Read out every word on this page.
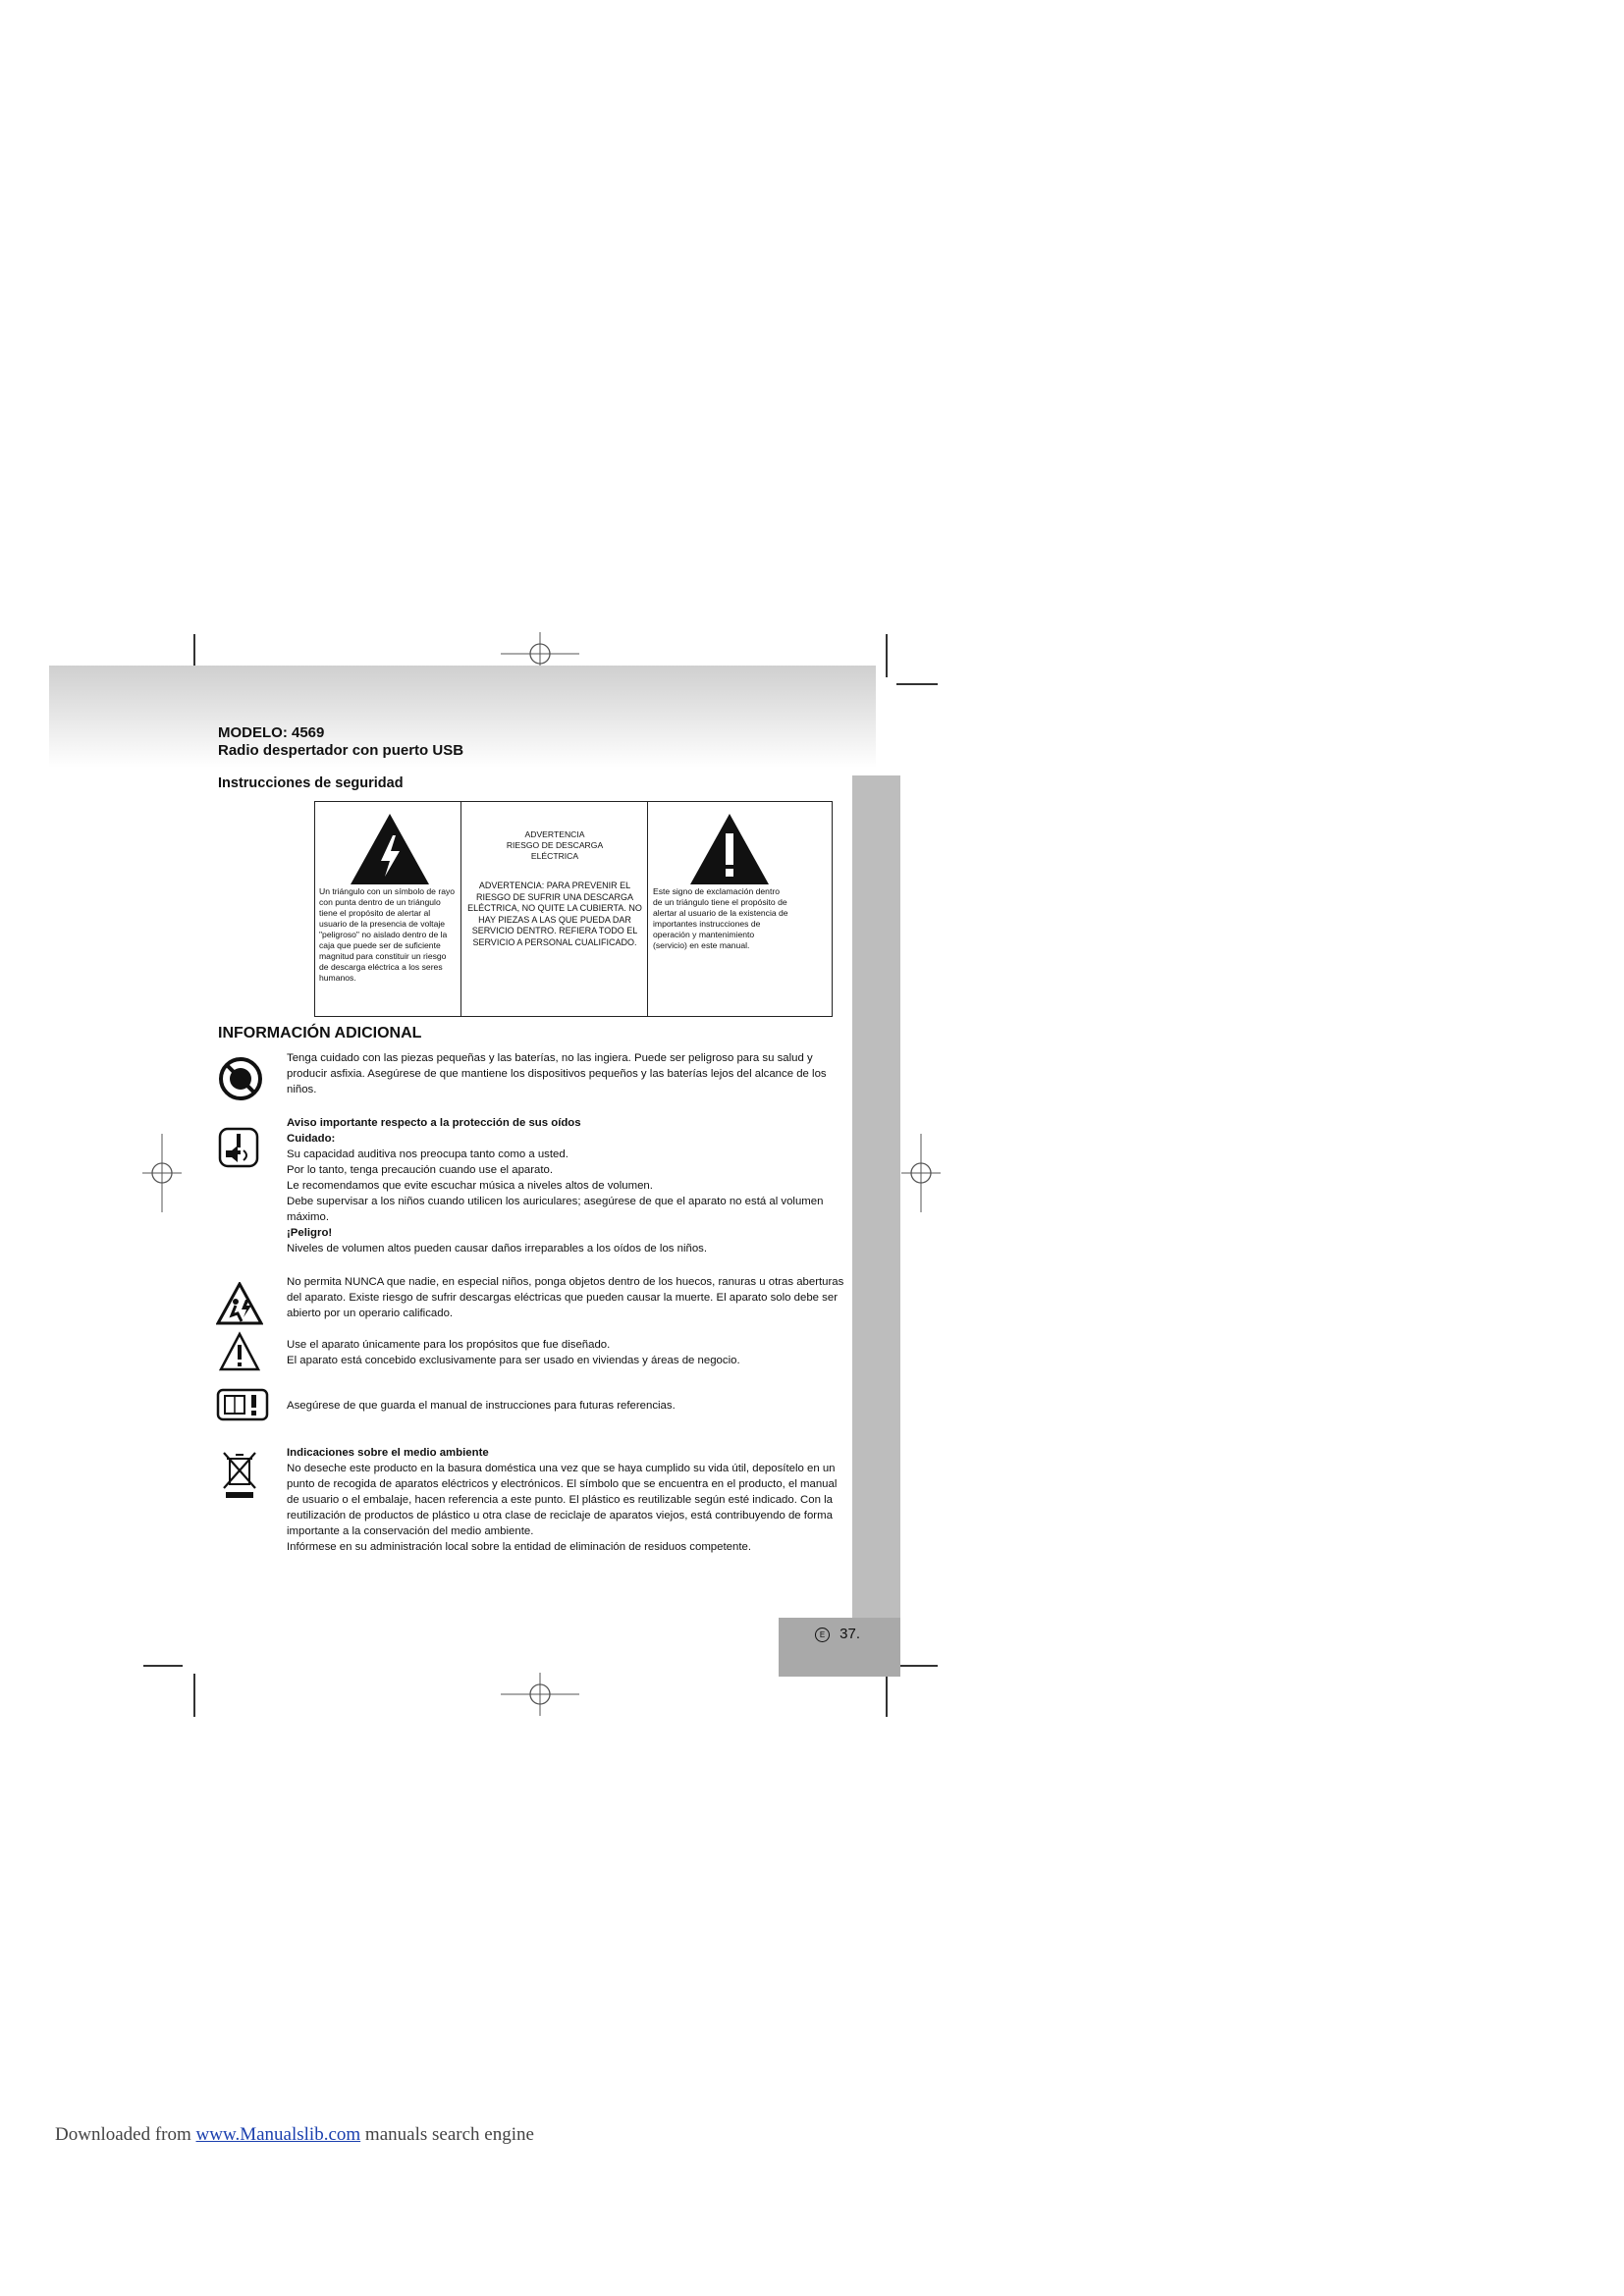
E 37.
MODELO: 4569
Radio despertador con puerto USB
Instrucciones de seguridad
Un triángulo con un símbolo de rayo con punta dentro de un triángulo tiene el propósito de alertar al usuario de la presencia de voltaje "peligroso" no aislado dentro de la caja que puede ser de suficiente magnitud para constituir un riesgo de descarga eléctrica a los seres humanos.
ADVERTENCIA
RIESGO DE DESCARGA
ELÉCTRICA
ADVERTENCIA: PARA PREVENIR EL RIESGO DE SUFRIR UNA DESCARGA ELÉCTRICA, NO QUITE LA CUBIERTA. NO HAY PIEZAS A LAS QUE PUEDA DAR SERVICIO DENTRO. REFIERA TODO EL SERVICIO A PERSONAL CUALIFICADO.
Este signo de exclamación dentro de un triángulo tiene el propósito de alertar al usuario de la existencia de importantes instrucciones de operación y mantenimiento (servicio) en este manual.
INFORMACIÓN ADICIONAL
Tenga cuidado con las piezas pequeñas y las baterías, no las ingiera. Puede ser peligroso para su salud y producir asfixia. Asegúrese de que mantiene los dispositivos pequeños y las baterías lejos del alcance de los niños.
Aviso importante respecto a la protección de sus oídos
Cuidado:
Su capacidad auditiva nos preocupa tanto como a usted.
Por lo tanto, tenga precaución cuando use el aparato.
Le recomendamos que evite escuchar música a niveles altos de volumen.
Debe supervisar a los niños cuando utilicen los auriculares; asegúrese de que el aparato no está al volumen máximo.
¡Peligro!
Niveles de volumen altos pueden causar daños irreparables a los oídos de los niños.
No permita NUNCA que nadie, en especial niños, ponga objetos dentro de los huecos, ranuras u otras aberturas del aparato. Existe riesgo de sufrir descargas eléctricas que pueden causar la muerte. El aparato solo debe ser abierto por un operario calificado.
Use el aparato únicamente para los propósitos que fue diseñado.
El aparato está concebido exclusivamente para ser usado en viviendas y áreas de negocio.
Asegúrese de que guarda el manual de instrucciones para futuras referencias.
Indicaciones sobre el medio ambiente
No deseche este producto en la basura doméstica una vez que se haya cumplido su vida útil, deposítelo en un punto de recogida de aparatos eléctricos y electrónicos. El símbolo que se encuentra en el producto, el manual de usuario o el embalaje, hacen referencia a este punto. El plástico es reutilizable según esté indicado. Con la reutilización de productos de plástico u otra clase de reciclaje de aparatos viejos, está contribuyendo de forma importante a la conservación del medio ambiente.
Infórmese en su administración local sobre la entidad de eliminación de residuos competente.
Downloaded from www.Manualslib.com manuals search engine
